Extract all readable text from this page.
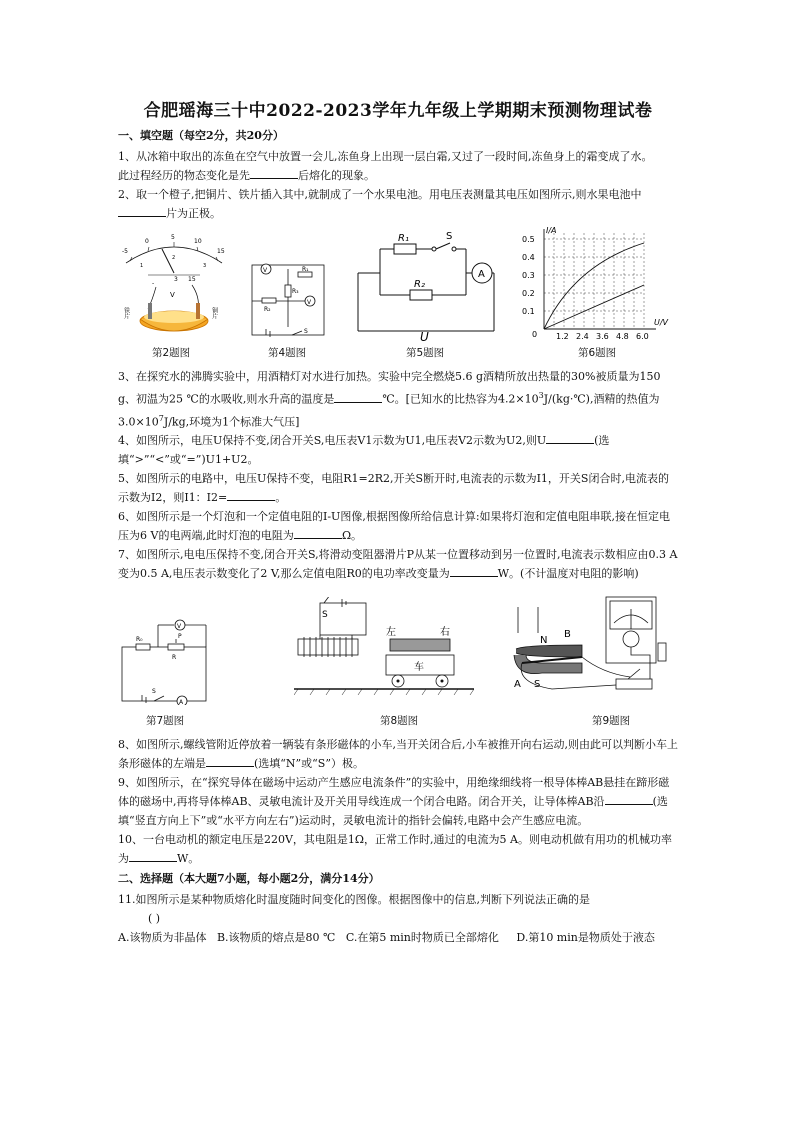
合肥瑶海三十中2022-2023学年九年级上学期期末预测物理试卷
一、填空题（每空2分，共20分）

1、从冰箱中取出的冻鱼在空气中放置一会儿,冻鱼身上出现一层白霜,又过了一段时间,冻鱼身上的霜变成了水。

此过程经历的物态变化是先	后熔化的现象。

2、取一个橙子,把铜片、铁片插入其中,就制成了一个水果电池。用电压表测量其电压如图所示,则水果电池中

片为正极。

-5
0
5
10
15
1
2
3
-
3 15
V
铁片	铜片
第2题图
V	R₁
R₃
R₂
V
S
第4题图
R₁	S
R₂
A
U
第5题图
I/A
U/V
0
0.5
0.4
0.3
0.2
0.1
1.2 2.4 3.6 4.8 6.0
第6题图

3、在探究水的沸腾实验中，用酒精灯对水进行加热。实验中完全燃烧5.6 g酒精所放出热量的30%被质量为150 g、初温为25 ℃的水吸收,则水升高的温度是	℃。[已知水的比热容为$4.2\times 10^3J/(kg\cdot℃)$,酒精的热值为$3.0\times 10^7J/kg$,环境为1个标准大气压]

4、如图所示，电压U保持不变,闭合开关S,电压表V1示数为U1,电压表V2示数为U2,则U	(选填“>”“<”或“=”)U1+U2。

5、如图所示的电路中，电压U保持不变，电阻R1=2R2,开关S断开时,电流表的示数为I1，开关S闭合时,电流表的示数为I2，则I1：I2=	。

6、如图所示是一个灯泡和一个定值电阻的I-U图像,根据图像所给信息计算:如果将灯泡和定值电阻串联,接在恒定电压为6 V的电两端,此时灯泡的电阻为	Ω。

7、如图所示,电电压保持不变,闭合开关S,将滑动变阻器滑片P从某一位置移动到另一位置时,电流表示数相应由0.3 A变为0.5 A,电压表示数变化了2 V,那么定值电阻R0的电功率改变量为	W。(不计温度对电阻的影响)

R₀	P
R
V
S
A
第7题图
S
左	右
车
第8题图
N
B
A S
第9题图

8、如图所示,螺线管附近停放着一辆装有条形磁体的小车,当开关闭合后,小车被推开向右运动,则由此可以判断小车上条形磁体的左端是	(选填“N”或“S”）极。

9、如图所示，在“探究导体在磁场中运动产生感应电流条件”的实验中，用绝缘细线将一根导体棒AB悬挂在蹄形磁体的磁场中,再将导体棒AB、灵敏电流计及开关用导线连成一个闭合电路。闭合开关，让导体棒AB沿	(选填“竖直方向上下”或“水平方向左右”)运动时，灵敏电流计的指针会偏转,电路中会产生感应电流。

10、一台电动机的额定电压是220V，其电阻是1Ω，正常工作时,通过的电流为5 A。则电动机做有用功的机械功率

为	W。

二、选择题（本大题7小题，每小题2分，满分14分）

11.如图所示是某种物质熔化时温度随时间变化的图像。根据图像中的信息,判断下列说法正确的是

( )

A.该物质为非晶体 B.该物质的熔点是80 ℃ C.在第5 min时物质已全部熔化 D.第10 min是物质处于液态
